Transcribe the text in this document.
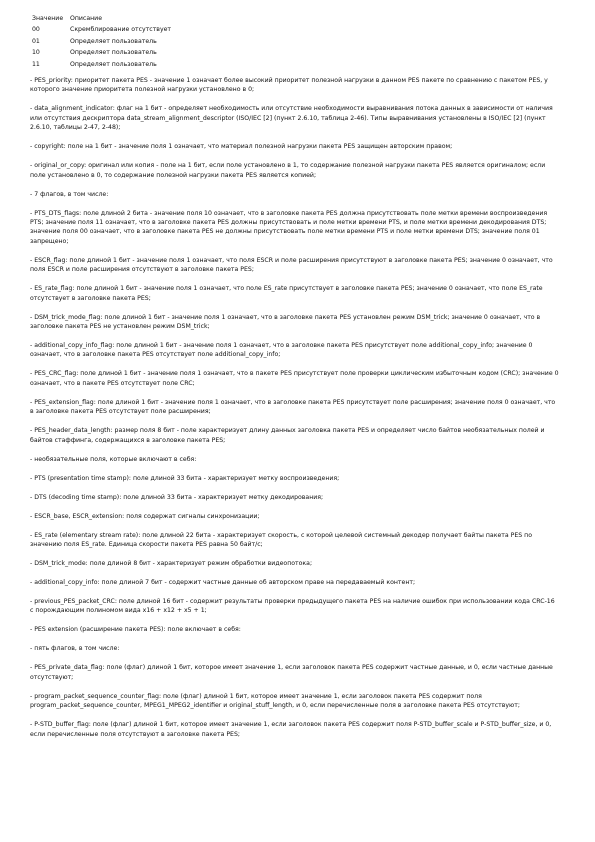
Значение	Описание
00	Скремблирование отсутствует
01	Определяет пользователь
10	Определяет пользователь
11	Определяет пользователь

- PES_priority: приоритет пакета PES - значение 1 означает более высокий приоритет полезной нагрузки в данном PES пакете по сравнению с пакетом PES, у которого значение приоритета полезной нагрузки установлено в 0;

- data_alignment_indicator: флаг на 1 бит - определяет необходимость или отсутствие необходимости выравнивания потока данных в зависимости от наличия или отсутствия дескриптора data_stream_alignment_descriptor (ISO/IEC [2] (пункт 2.6.10, таблица 2-46). Типы выравнивания установлены в ISO/IEC [2] (пункт 2.6.10, таблицы 2-47, 2-48);

- copyright: поле на 1 бит - значение поля 1 означает, что материал полезной нагрузки пакета PES защищен авторским правом;

- original_or_copy: оригинал или копия - поле на 1 бит, если поле установлено в 1, то содержание полезной нагрузки пакета PES является оригиналом; если поле установлено в 0, то содержание полезной нагрузки пакета PES является копией;

- 7 флагов, в том числе:

- PTS_DTS_flags: поле длиной 2 бита - значение поля 10 означает, что в заголовке пакета PES должна присутствовать поле метки времени воспроизведения PTS; значение поля 11 означает, что в заголовке пакета PES должны присутствовать и поле метки времени PTS, и поле метки времени декодирования DTS; значение поля 00 означает, что в заголовке пакета PES не должны присутствовать поле метки времени PTS и поле метки времени DTS; значение поля 01 запрещено;

- ESCR_flag: поле длиной 1 бит - значение поля 1 означает, что поля ESCR и поле расширения присутствуют в заголовке пакета PES; значение 0 означает, что поля ESCR и поле расширения отсутствуют в заголовке пакета PES;

- ES_rate_flag: поле длиной 1 бит - значение поля 1 означает, что поле ES_rate присутствует в заголовке пакета PES; значение 0 означает, что поле ES_rate отсутствует в заголовке пакета PES;

- DSM_trick_mode_flag: поле длиной 1 бит - значение поля 1 означает, что в заголовке пакета PES установлен режим DSM_trick; значение 0 означает, что в заголовке пакета PES не установлен режим DSM_trick;

- additional_copy_info_flag: поле длиной 1 бит - значение поля 1 означает, что в заголовке пакета PES присутствует поле additional_copy_info; значение 0 означает, что в заголовке пакета PES отсутствует поле additional_copy_info;

- PES_CRC_flag: поле длиной 1 бит - значение поля 1 означает, что в пакете PES присутствует поле проверки циклическим избыточным кодом (CRC); значение 0 означает, что в пакете PES отсутствует поле CRC;

- PES_extension_flag: поле длиной 1 бит - значение поля 1 означает, что в заголовке пакета PES присутствует поле расширения; значение поля 0 означает, что в заголовке пакета PES отсутствует поле расширения;

- PES_header_data_length: размер поля 8 бит - поле характеризует длину данных заголовка пакета PES и определяет число байтов необязательных полей и байтов стаффинга, содержащихся в заголовке пакета PES;

- необязательные поля, которые включают в себя:

- PTS (presentation time stamp): поле длиной 33 бита - характеризует метку воспроизведения;

- DTS (decoding time stamp): поле длиной 33 бита - характеризует метку декодирования;

- ESCR_base, ESCR_extension: поля содержат сигналы синхронизации;

- ES_rate (elementary stream rate): поле длиной 22 бита - характеризует скорость, с которой целевой системный декодер получает байты пакета PES по значению поля ES_rate. Единица скорости пакета PES равна 50 байт/с;

- DSM_trick_mode: поле длиной 8 бит - характеризует режим обработки видеопотока;

- additional_copy_info: поле длиной 7 бит - содержит частные данные об авторском праве на передаваемый контент;

- previous_PES_packet_CRC: поле длиной 16 бит - содержит результаты проверки предыдущего пакета PES на наличие ошибок при использовании кода CRC-16 с порождающим полиномом вида x16 + x12 + x5 + 1;

- PES extension (расширение пакета PES): поле включает в себя:

- пять флагов, в том числе:

- PES_private_data_flag: поле (флаг) длиной 1 бит, которое имеет значение 1, если заголовок пакета PES содержит частные данные, и 0, если частные данные отсутствуют;

- program_packet_sequence_counter_flag: поле (флаг) длиной 1 бит, которое имеет значение 1, если заголовок пакета PES содержит поля program_packet_sequence_counter, MPEG1_MPEG2_identifier и original_stuff_length, и 0, если перечисленные поля в заголовке пакета PES отсутствуют;

- P-STD_buffer_flag: поле (флаг) длиной 1 бит, которое имеет значение 1, если заголовок пакета PES содержит поля P-STD_buffer_scale и P-STD_buffer_size, и 0, если перечисленные поля отсутствуют в заголовке пакета PES;
